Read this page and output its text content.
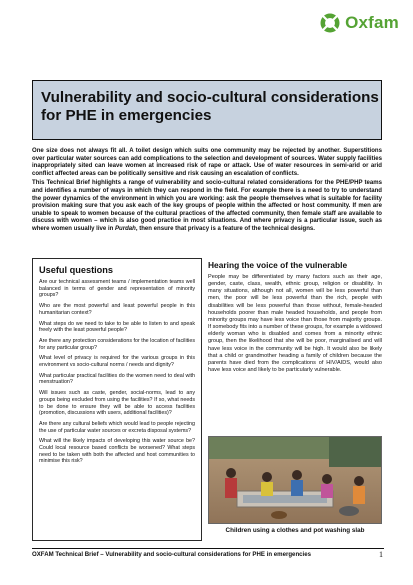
Oxfam
Vulnerability and socio-cultural considerations for PHE in emergencies

One size does not always fit all. A toilet design which suits one community may be rejected by another. Superstitions over particular water sources can add complications to the selection and development of sources. Water supply facilities inappropriately sited can leave women at increased risk of rape or attack. Use of water resources in semi-arid or arid conflict affected areas can be politically sensitive and risk causing an escalation of conflicts.

This Technical Brief highlights a range of vulnerability and socio-cultural related considerations for the PHE/PHP teams and identifies a number of ways in which they can respond in the field. For example there is a need to try to understand the power dynamics of the environment in which you are working: ask the people themselves what is suitable for facility provision making sure that you ask each of the key groups of people within the affected or host community. If men are unable to speak to women because of the cultural practices of the affected community, then female staff are available to discuss with women – which is also good practice in most situations. And where privacy is a particular issue, such as where women usually live in Purdah, then ensure that privacy is a feature of the technical designs.

Useful questions

Are our technical assessment teams / implementation teams well balanced in terms of gender and representation of minority groups?

Who are the most powerful and least powerful people in this humanitarian context?

What steps do we need to take to be able to listen to and speak freely with the least powerful people?

Are there any protection considerations for the location of facilities for any particular group?

What level of privacy is required for the various groups in this environment vs socio-cultural norms / needs and dignity?

What particular practical facilities do the women need to deal with menstruation?

Will issues such as caste, gender, social-norms, lead to any groups being excluded from using the facilities? If so, what needs to be done to ensure they will be able to access facilities (promotion, discussions with users, additional facilities)?

Are there any cultural beliefs which would lead to people rejecting the use of particular water sources or excreta disposal systems?

What will the likely impacts of developing this water source be? Could local resource based conflicts be worsened? What steps need to be taken with both the affected and host communities to minimise this risk?

Hearing the voice of the vulnerable

People may be differentiated by many factors such as their age, gender, caste, class, wealth, ethnic group, religion or disability. In many situations, although not all, women will be less powerful than men, the poor will be less powerful than the rich, people with disabilities will be less powerful than those without, female-headed households poorer than male headed households, and people from minority groups may have less voice than those from majority groups. If somebody fits into a number of these groups, for example a widowed elderly woman who is disabled and comes from a minority ethnic group, then the likelihood that she will be poor, marginalised and will have less voice in the community will be high. It would also be likely that a child or grandmother heading a family of children because the parents have died from the complications of HIV/AIDS, would also have less voice and likely to be particularly vulnerable.

Children using a clothes and pot washing slab
OXFAM Technical Brief – Vulnerability and socio-cultural considerations for PHE in emergencies	1
